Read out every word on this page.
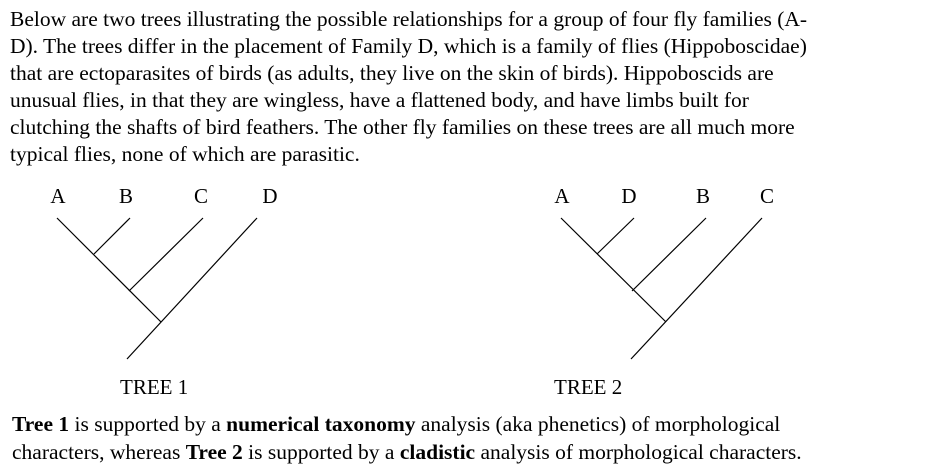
Below are two trees illustrating the possible relationships for a group of four fly families (A-
D). The trees differ in the placement of Family D, which is a family of flies (Hippoboscidae)
that are ectoparasites of birds (as adults, they live on the skin of birds). Hippoboscids are
unusual flies, in that they are wingless, have a flattened body, and have limbs built for
clutching the shafts of bird feathers. The other fly families on these trees are all much more
typical flies, none of which are parasitic.

A	B	C	D
TREE 1
A	D	B	C
TREE 2

Tree 1 is supported by a numerical taxonomy analysis (aka phenetics) of morphological
characters, whereas Tree 2 is supported by a cladistic analysis of morphological characters.
